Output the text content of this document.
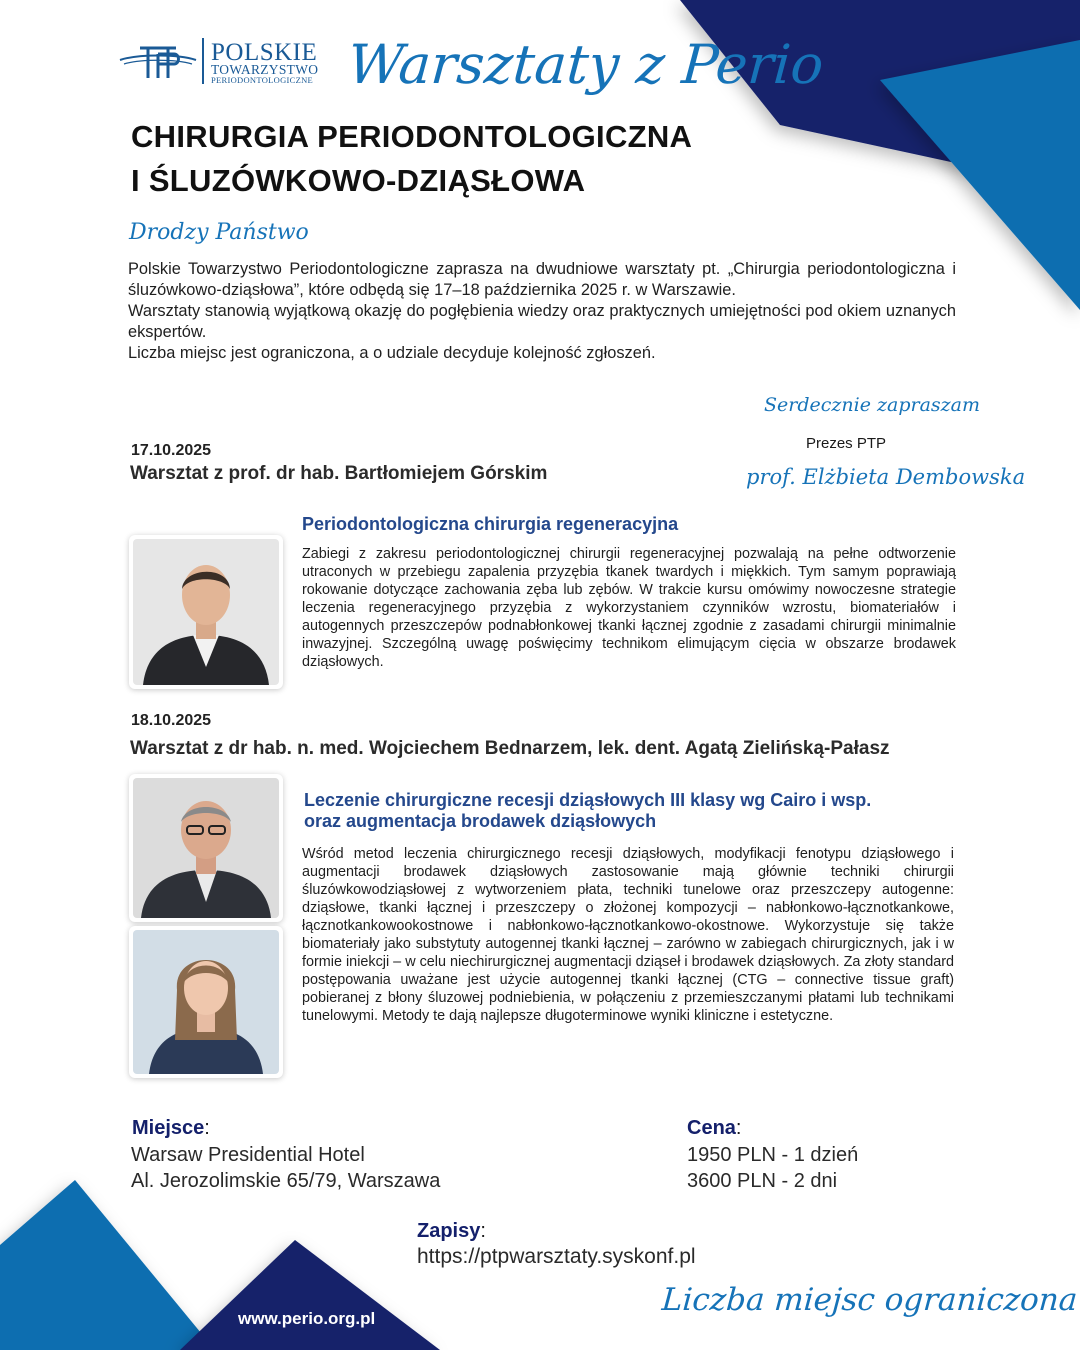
POLSKIE
TOWARZYSTWO
PERIODONTOLOGICZNE Warsztaty z Perio
CHIRURGIA PERIODONTOLOGICZNA
I ŚLUZÓWKOWO-DZIĄSŁOWA
Drodzy Państwo

Polskie Towarzystwo Periodontologiczne zaprasza na dwudniowe warsztaty pt. „Chirurgia periodontologiczna i śluzówkowo-dziąsłowa”, które odbędą się 17–18 października 2025 r. w Warszawie.

Warsztaty stanowią wyjątkową okazję do pogłębienia wiedzy oraz praktycznych umiejętności pod okiem uznanych ekspertów.

Liczba miejsc jest ograniczona, a o udziale decyduje kolejność zgłoszeń.

Serdecznie zapraszam
Prezes PTP
prof. Elżbieta Dembowska
17.10.2025
Warsztat z prof. dr hab. Bartłomiejem Górskim
Periodontologiczna chirurgia regeneracyjna

Zabiegi z zakresu periodontologicznej chirurgii regeneracyjnej pozwalają na pełne odtworzenie utraconych w przebiegu zapalenia przyzębia tkanek twardych i miękkich. Tym samym poprawiają rokowanie dotyczące zachowania zęba lub zębów. W trakcie kursu omówimy nowoczesne strategie leczenia regeneracyjnego przyzębia z wykorzystaniem czynników wzrostu, biomateriałów i autogennych przeszczepów podnabłonkowej tkanki łącznej zgodnie z zasadami chirurgii minimalnie inwazyjnej. Szczególną uwagę poświęcimy technikom elimującym cięcia w obszarze brodawek dziąsłowych.

18.10.2025
Warsztat z dr hab. n. med. Wojciechem Bednarzem, lek. dent. Agatą Zielińską-Pałasz
Leczenie chirurgiczne recesji dziąsłowych III klasy wg Cairo i wsp.
oraz augmentacja brodawek dziąsłowych

Wśród metod leczenia chirurgicznego recesji dziąsłowych, modyfikacji fenotypu dziąsłowego i augmentacji brodawek dziąsłowych zastosowanie mają głównie techniki chirurgii śluzówkowodziąsłowej z wytworzeniem płata, techniki tunelowe oraz przeszczepy autogenne: dziąsłowe, tkanki łącznej i przeszczepy o złożonej kompozycji – nabłonkowo-łącznotkankowe, łącznotkankowookostnowe i nabłonkowo-łącznotkankowo-okostnowe. Wykorzystuje się także biomateriały jako substytuty autogennej tkanki łącznej – zarówno w zabiegach chirurgicznych, jak i w formie iniekcji – w celu niechirurgicznej augmentacji dziąseł i brodawek dziąsłowych. Za złoty standard postępowania uważane jest użycie autogennej tkanki łącznej (CTG – connective tissue graft) pobieranej z błony śluzowej podniebienia, w połączeniu z przemieszczanymi płatami lub technikami tunelowymi. Metody te dają najlepsze długoterminowe wyniki kliniczne i estetyczne.

Miejsce:
Warsaw Presidential Hotel
Al. Jerozolimskie 65/79, Warszawa
Cena:
1950 PLN - 1 dzień
3600 PLN - 2 dni
Zapisy:
https://ptpwarsztaty.syskonf.pl
Liczba miejsc ograniczona
www.perio.org.pl
